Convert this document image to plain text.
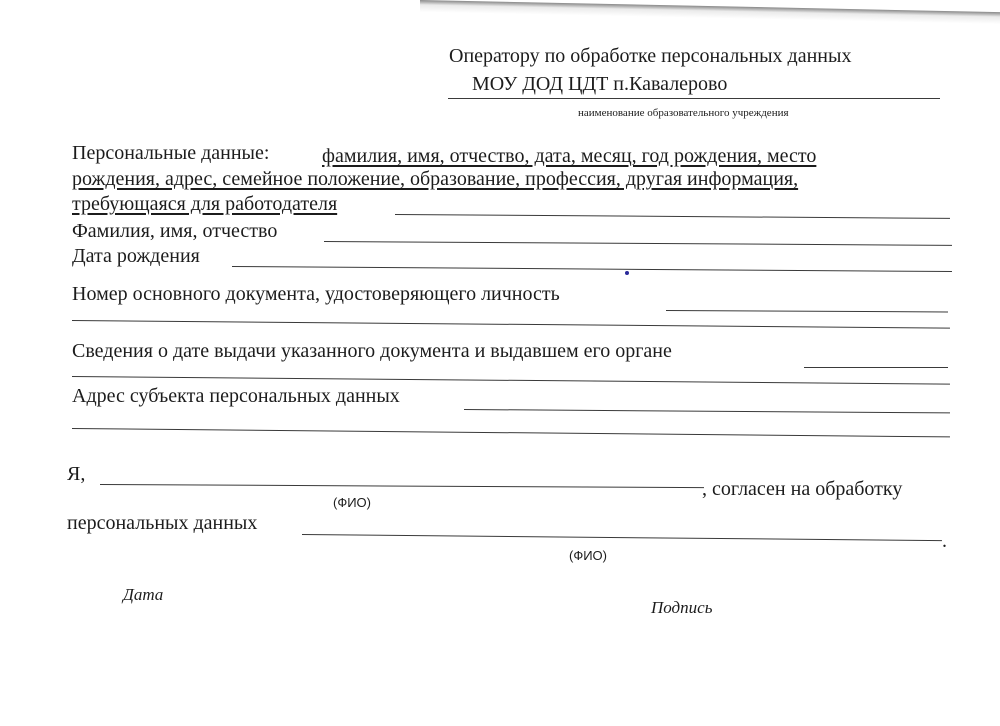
Оператору по обработке персональных данных
МОУ ДОД ЦДТ п.Кавалерово
наименование образовательного учреждения
Персональные данные:	фамилия, имя, отчество, дата, месяц, год рождения, место
рождения, адрес, семейное положение, образование, профессия, другая информация,
требующаяся для работодателя
Фамилия, имя, отчество
Дата рождения
Номер основного документа, удостоверяющего личность
Сведения о дате выдачи указанного документа и выдавшем его органе
Адрес субъекта персональных данных
Я,
, согласен на обработку
(ФИО)
персональных данных
.
(ФИО)
Дата
Подпись
